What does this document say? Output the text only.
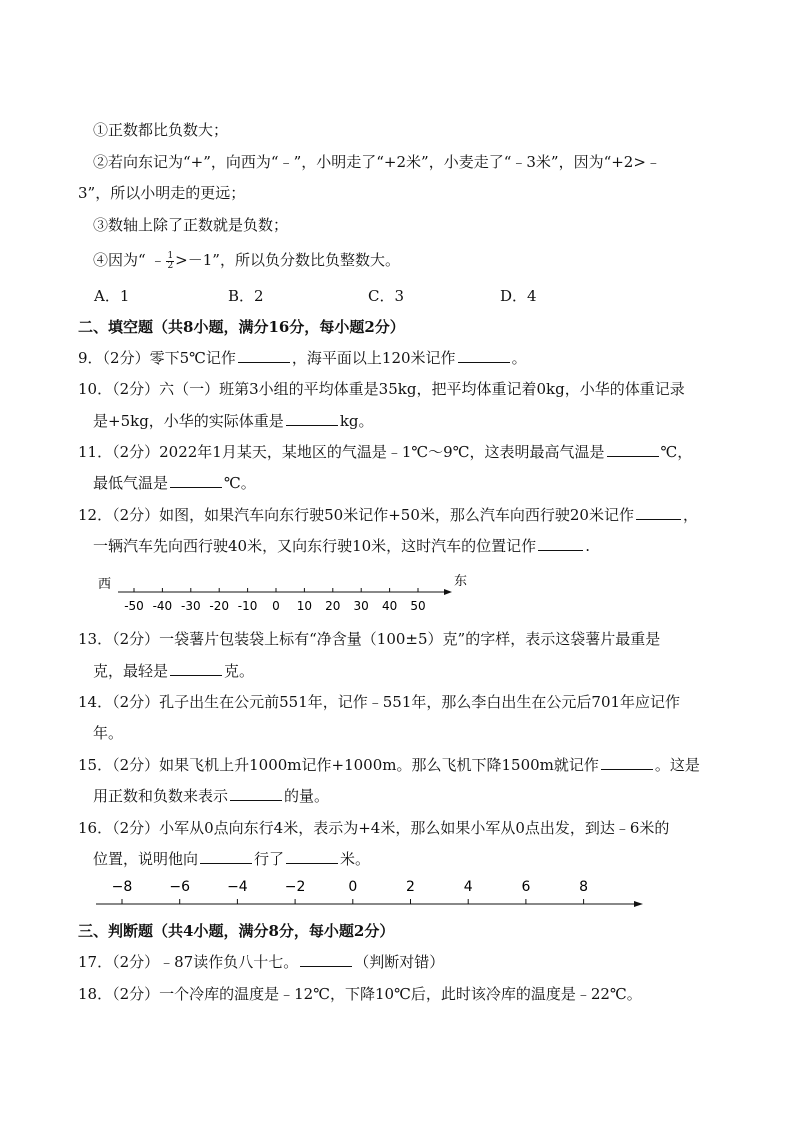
①正数都比负数大；
②若向东记为“+”，向西为“﹣”，小明走了“+2米”，小麦走了“﹣3米”，因为“+2>﹣
3”，所以小明走的更远；
③数轴上除了正数就是负数；
④因为“ ﹣ $\frac{1}{2} >-1$”，所以负分数比负整数大。
A．1	B．2	C．3	D．4
二、填空题（共8小题，满分16分，每小题2分）
9．（2分）零下5℃记作	，海平面以上120米记作	。
10．（2分）六（一）班第3小组的平均体重是35kg，把平均体重记着0kg，小华的体重记录
是+5kg，小华的实际体重是	kg。
11．（2分）2022年1月某天，某地区的气温是﹣1℃～9℃，这表明最高气温是	℃，
最低气温是	℃。
12．（2分）如图，如果汽车向东行驶50米记作+50米，那么汽车向西行驶20米记作	，
一辆汽车先向西行驶40米，又向东行驶10米，这时汽车的位置记作	.
西	东
-50 -40 -30 -20 -10 0 10 20 30 40 50
13．（2分）一袋薯片包装袋上标有“净含量（100±5）克”的字样，表示这袋薯片最重是
克，最轻是	克。
14．（2分）孔子出生在公元前551年，记作﹣551年，那么李白出生在公元后701年应记作
年。
15．（2分）如果飞机上升1000m记作+1000m。那么飞机下降1500m就记作	。这是
用正数和负数来表示	的量。
16．（2分）小军从0点向东行4米，表示为+4米，那么如果小军从0点出发，到达﹣6米的
位置，说明他向	行了	米。
−8	−6	−4	−2	0	2	4	6	8
三、判断题（共4小题，满分8分，每小题2分）
17．（2分）﹣87读作负八十七。	（判断对错）
18．（2分）一个冷库的温度是﹣12℃，下降10℃后，此时该冷库的温度是﹣22℃。
